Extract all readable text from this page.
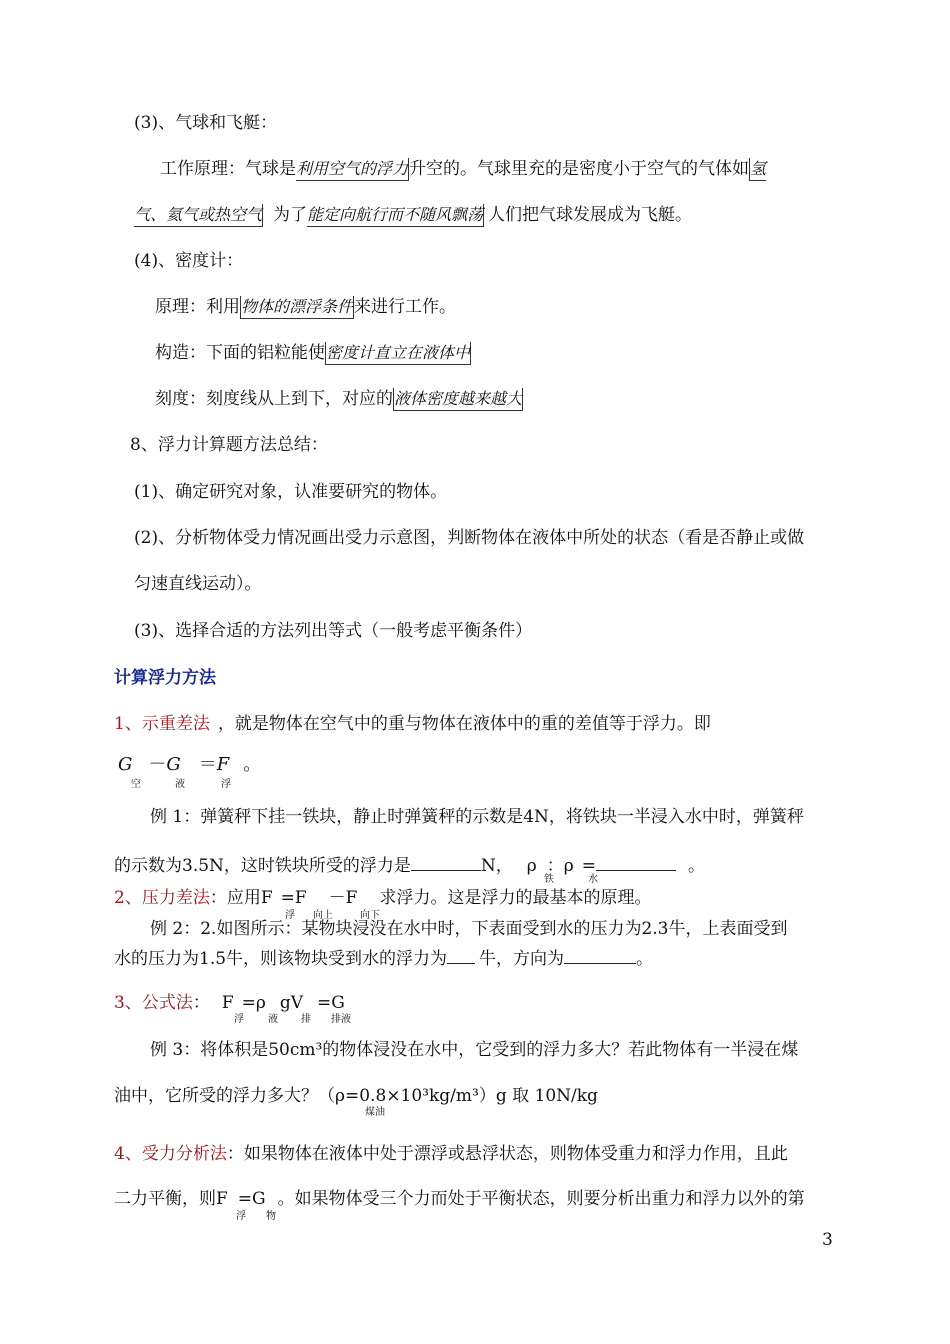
(3)、气球和飞艇：
工作原理：气球是利用空气的浮力升空的。气球里充的是密度小于空气的气体如氢
气、氦气或热空气 为了能定向航行而不随风飘荡 人们把气球发展成为飞艇。
(4)、密度计：
原理：利用物体的漂浮条件来进行工作。
构造：下面的铝粒能使密度计直立在液体中
刻度：刻度线从上到下，对应的液体密度越来越大
8、浮力计算题方法总结：
(1)、确定研究对象，认准要研究的物体。
(2)、分析物体受力情况画出受力示意图，判断物体在液体中所处的状态（看是否静止或做
匀速直线运动）。
(3)、选择合适的方法列出等式（一般考虑平衡条件）
计算浮力方法
1、示重差法 ，就是物体在空气中的重与物体在液体中的重的差值等于浮力。即
G －G ＝F 。
空	液	浮
例 1：弹簧秤下挂一铁块，静止时弹簧秤的示数是4N，将铁块一半浸入水中时，弹簧秤
的示数为3.5N，这时铁块所受的浮力是	N， ρ ：ρ =	。
铁	水
2、压力差法：应用F =F －F 求浮力。这是浮力的最基本的原理。
浮 向上	向下
例 2：2.如图所示：某物块浸没在水中时，下表面受到水的压力为2.3牛，上表面受到
水的压力为1.5牛，则该物块受到水的浮力为 牛，方向为	。
3、公式法： F =ρ gV =G
浮 液 排 排液
例 3：将体积是50cm³的物体浸没在水中，它受到的浮力多大？若此物体有一半浸在煤
油中，它所受的浮力多大？（ρ=0.8×10³kg/m³）g 取 10N/kg
煤油
4、受力分析法：如果物体在液体中处于漂浮或悬浮状态，则物体受重力和浮力作用，且此
二力平衡，则F =G 。如果物体受三个力而处于平衡状态，则要分析出重力和浮力以外的第
浮 物
3
